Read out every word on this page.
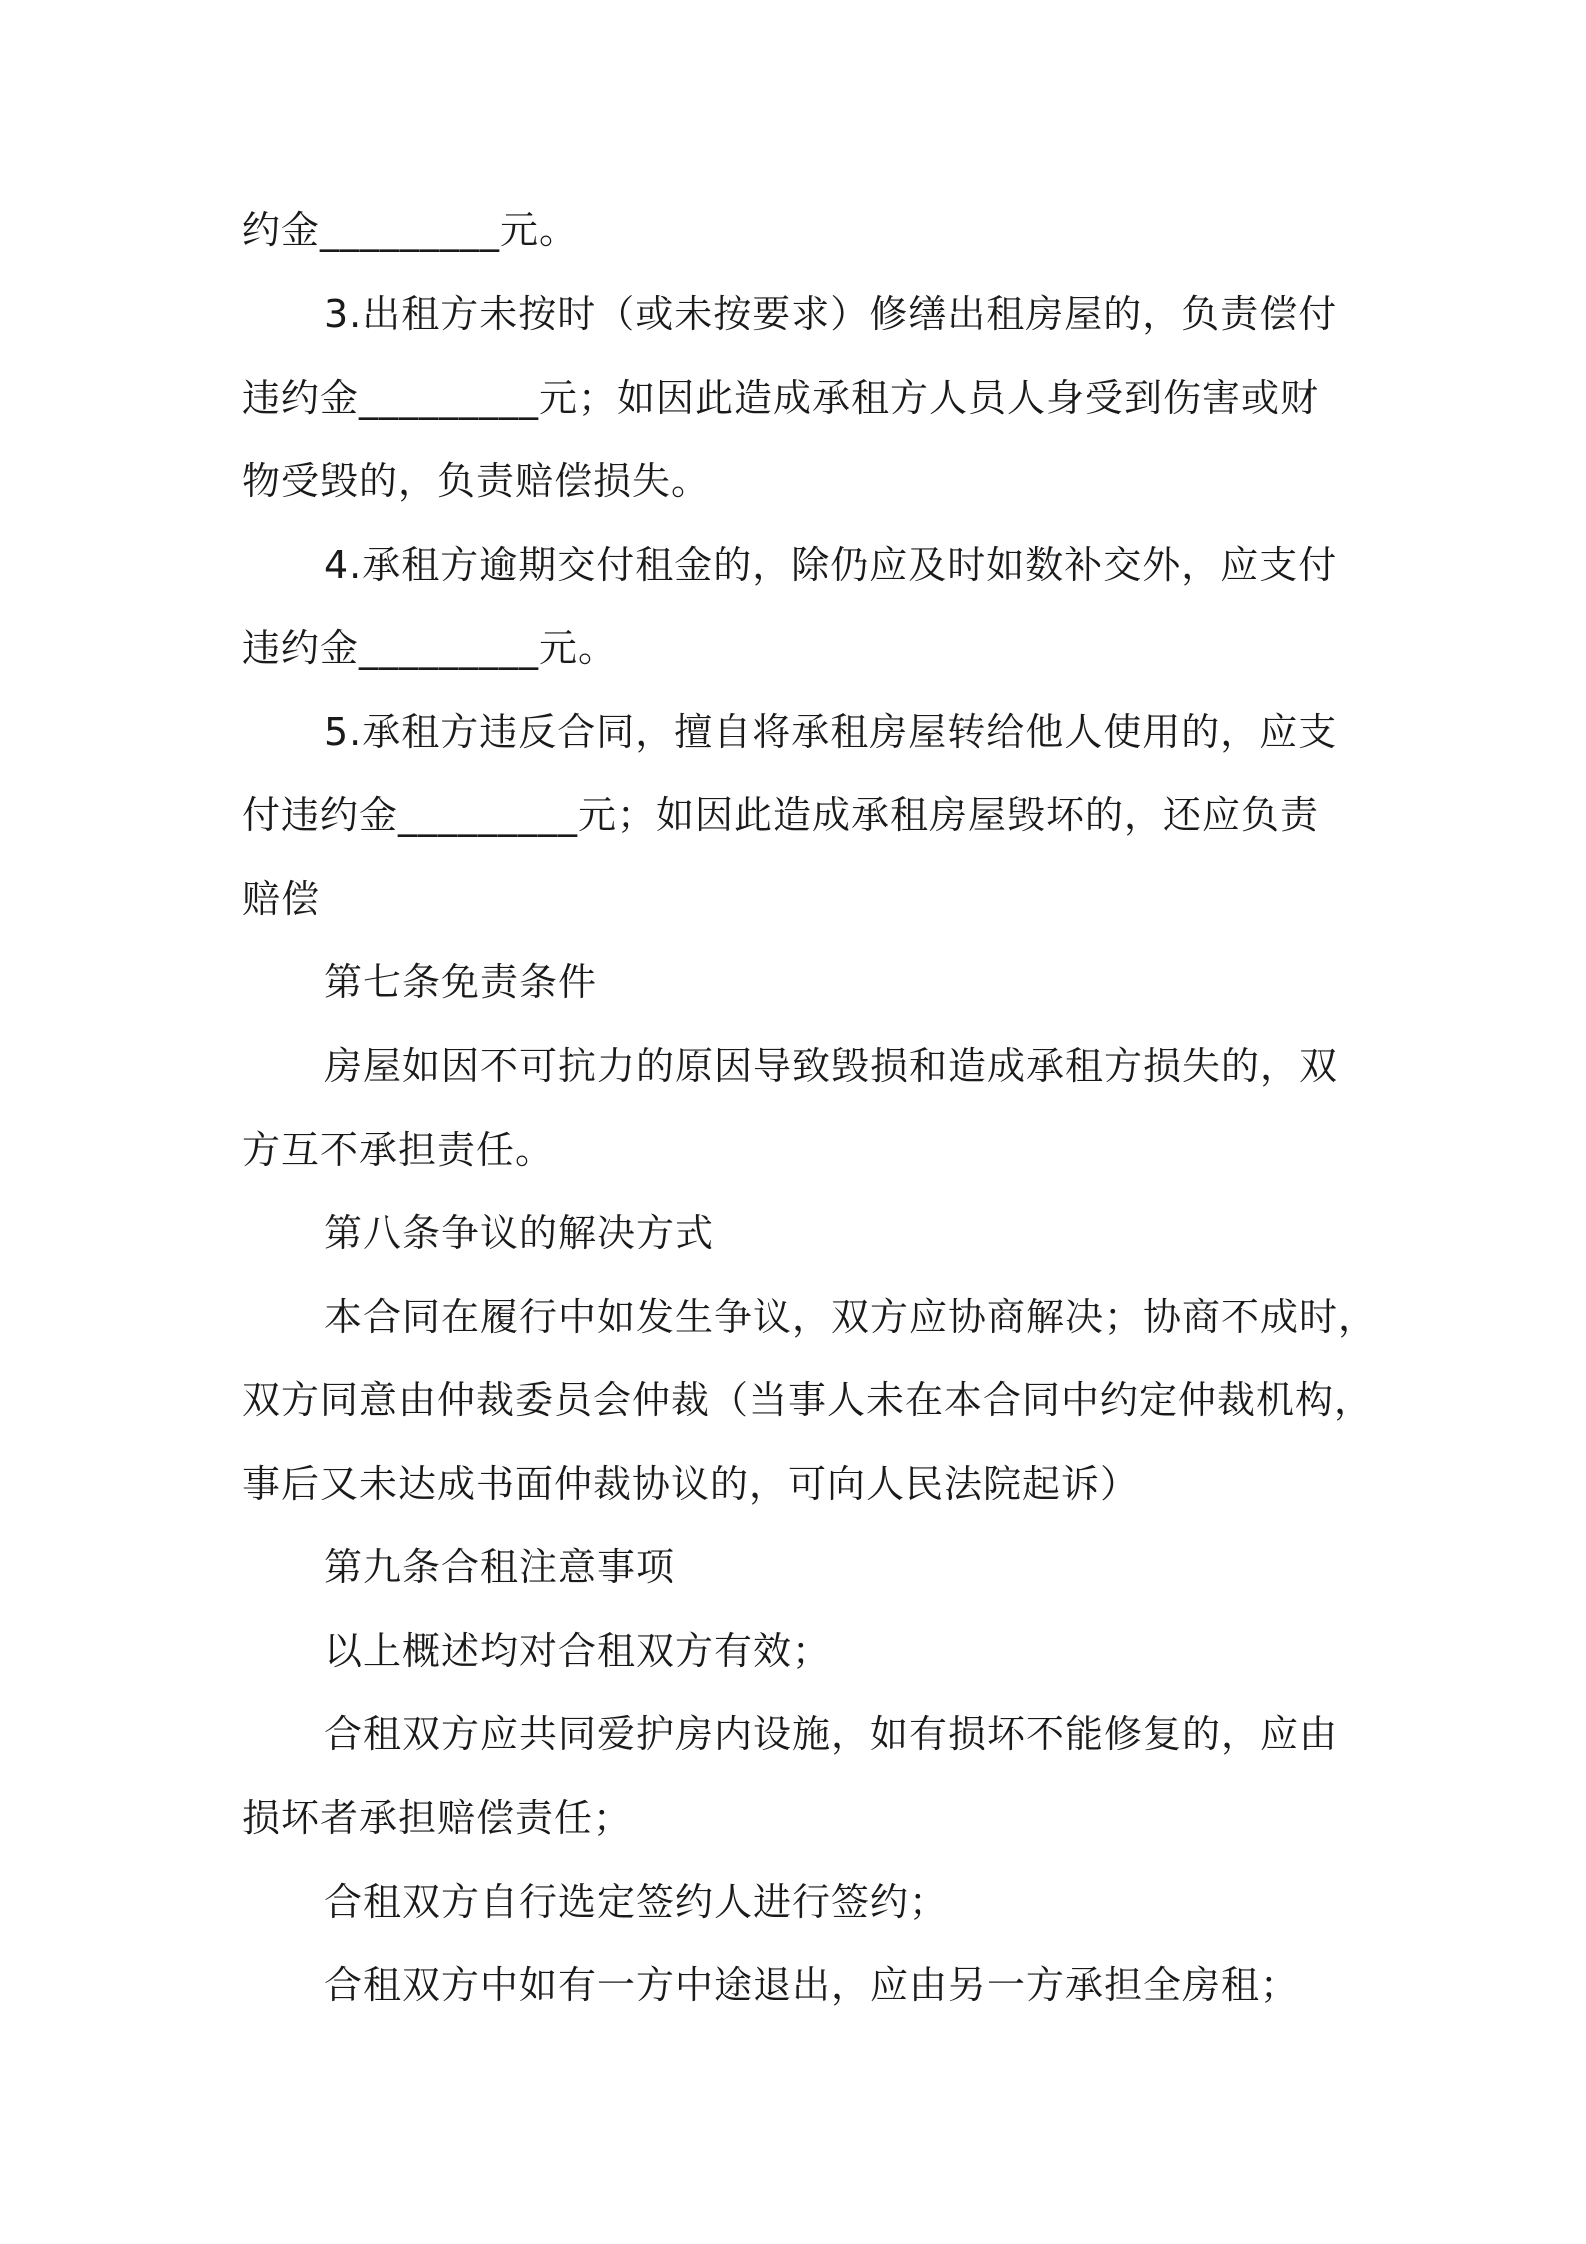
约金_________元。
3.出租方未按时（或未按要求）修缮出租房屋的，负责偿付
违约金_________元；如因此造成承租方人员人身受到伤害或财
物受毁的，负责赔偿损失。
4.承租方逾期交付租金的，除仍应及时如数补交外，应支付
违约金_________元。
5.承租方违反合同，擅自将承租房屋转给他人使用的，应支
付违约金_________元；如因此造成承租房屋毁坏的，还应负责
赔偿
第七条免责条件
房屋如因不可抗力的原因导致毁损和造成承租方损失的，双
方互不承担责任。
第八条争议的解决方式
本合同在履行中如发生争议，双方应协商解决；协商不成时，
双方同意由仲裁委员会仲裁（当事人未在本合同中约定仲裁机构，
事后又未达成书面仲裁协议的，可向人民法院起诉）
第九条合租注意事项
以上概述均对合租双方有效；
合租双方应共同爱护房内设施，如有损坏不能修复的，应由
损坏者承担赔偿责任；
合租双方自行选定签约人进行签约；
合租双方中如有一方中途退出，应由另一方承担全房租；
